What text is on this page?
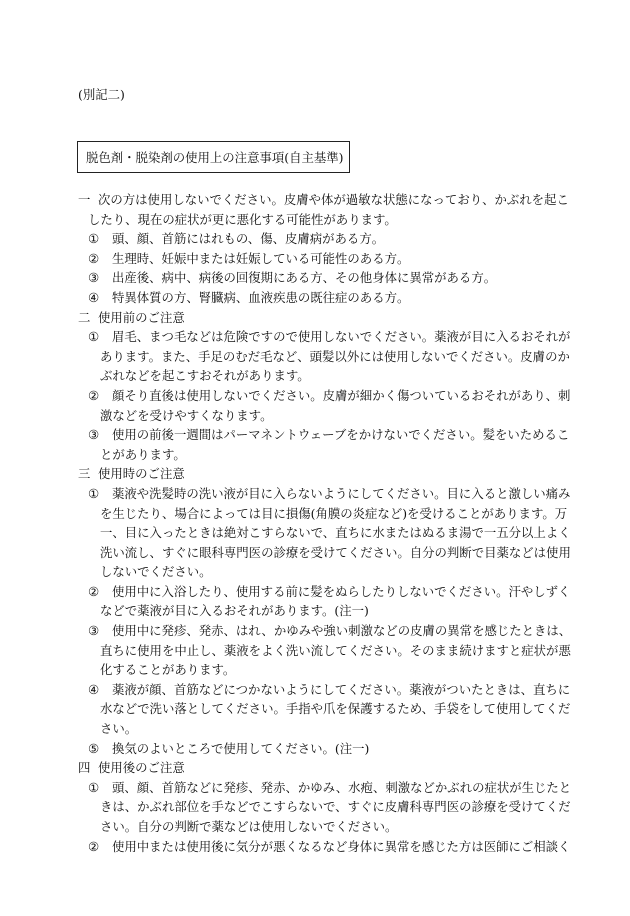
(別記二)
脱色剤・脱染剤の使用上の注意事項(自主基準)
一 次の方は使用しないでください。皮膚や体が過敏な状態になっており、かぶれを起こ
したり、現在の症状が更に悪化する可能性があります。
①	頭、顔、首筋にはれもの、傷、皮膚病がある方。
②	生理時、妊娠中または妊娠している可能性のある方。
③	出産後、病中、病後の回復期にある方、その他身体に異常がある方。
④	特異体質の方、腎臓病、血液疾患の既往症のある方。
二 使用前のご注意
①	眉毛、まつ毛などは危険ですので使用しないでください。薬液が目に入るおそれが
あります。また、手足のむだ毛など、頭髪以外には使用しないでください。皮膚のか
ぶれなどを起こすおそれがあります。
②	顔そり直後は使用しないでください。皮膚が細かく傷ついているおそれがあり、刺
激などを受けやすくなります。
③	使用の前後一週間はパーマネントウェーブをかけないでください。髪をいためるこ
とがあります。
三 使用時のご注意
①	薬液や洗髪時の洗い液が目に入らないようにしてください。目に入ると激しい痛み
を生じたり、場合によっては目に損傷(角膜の炎症など)を受けることがあります。万
一、目に入ったときは絶対こすらないで、直ちに水またはぬるま湯で一五分以上よく
洗い流し、すぐに眼科専門医の診療を受けてください。自分の判断で目薬などは使用
しないでください。
②	使用中に入浴したり、使用する前に髪をぬらしたりしないでください。汗やしずく
などで薬液が目に入るおそれがあります。(注一)
③	使用中に発疹、発赤、はれ、かゆみや強い刺激などの皮膚の異常を感じたときは、
直ちに使用を中止し、薬液をよく洗い流してください。そのまま続けますと症状が悪
化することがあります。
④	薬液が顔、首筋などにつかないようにしてください。薬液がついたときは、直ちに
水などで洗い落としてください。手指や爪を保護するため、手袋をして使用してくだ
さい。
⑤	換気のよいところで使用してください。(注一)
四 使用後のご注意
①	頭、顔、首筋などに発疹、発赤、かゆみ、水疱、刺激などかぶれの症状が生じたと
きは、かぶれ部位を手などでこすらないで、すぐに皮膚科専門医の診療を受けてくだ
さい。自分の判断で薬などは使用しないでください。
②	使用中または使用後に気分が悪くなるなど身体に異常を感じた方は医師にご相談く
